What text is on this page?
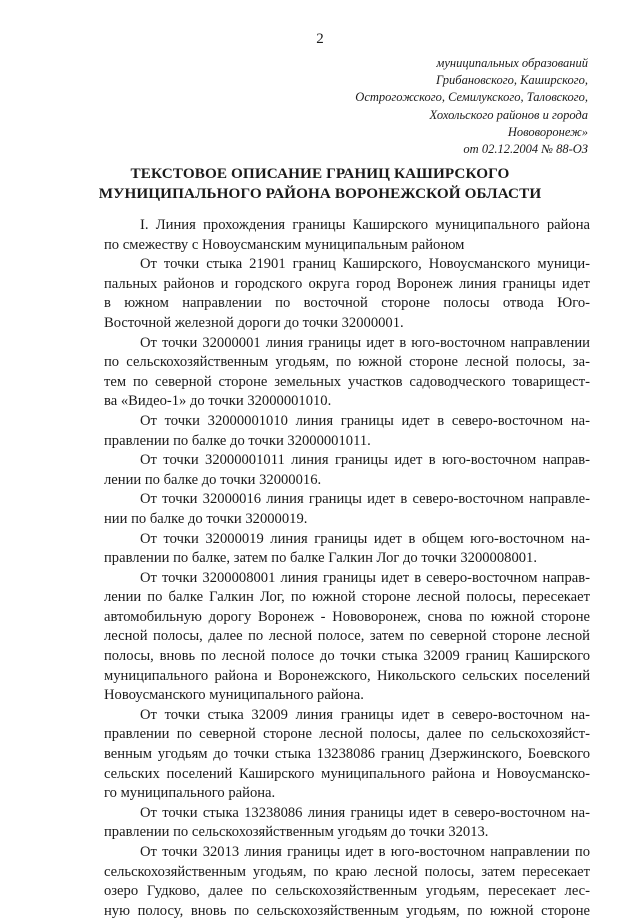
2
муниципальных образований
Грибановского, Каширского,
Острогожского, Семилукского, Таловского,
Хохольского районов и города
Нововоронеж»
от 02.12.2004 № 88-ОЗ
ТЕКСТОВОЕ ОПИСАНИЕ ГРАНИЦ КАШИРСКОГО
МУНИЦИПАЛЬНОГО РАЙОНА ВОРОНЕЖСКОЙ ОБЛАСТИ
I. Линия прохождения границы Каширского муниципального района
по смежеству с Новоусманским муниципальным районом
От точки стыка 21901 границ Каширского, Новоусманского муници-
пальных районов и городского округа город Воронеж линия границы идет
в южном направлении по восточной стороне полосы отвода Юго-
Восточной железной дороги до точки 32000001.
От точки 32000001 линия границы идет в юго-восточном направлении
по сельскохозяйственным угодьям, по южной стороне лесной полосы, за-
тем по северной стороне земельных участков садоводческого товарищест-
ва «Видео-1» до точки 32000001010.
От точки 32000001010 линия границы идет в северо-восточном на-
правлении по балке до точки 32000001011.
От точки 32000001011 линия границы идет в юго-восточном направ-
лении по балке до точки 32000016.
От точки 32000016 линия границы идет в северо-восточном направле-
нии по балке до точки 32000019.
От точки 32000019 линия границы идет в общем юго-восточном на-
правлении по балке, затем по балке Галкин Лог до точки 3200008001.
От точки 3200008001 линия границы идет в северо-восточном направ-
лении по балке Галкин Лог, по южной стороне лесной полосы, пересекает
автомобильную дорогу Воронеж - Нововоронеж, снова по южной стороне
лесной полосы, далее по лесной полосе, затем по северной стороне лесной
полосы, вновь по лесной полосе до точки стыка 32009 границ Каширского
муниципального района и Воронежского, Никольского сельских поселений
Новоусманского муниципального района.
От точки стыка 32009 линия границы идет в северо-восточном на-
правлении по северной стороне лесной полосы, далее по сельскохозяйст-
венным угодьям до точки стыка 13238086 границ Дзержинского, Боевского
сельских поселений Каширского муниципального района и Новоусманско-
го муниципального района.
От точки стыка 13238086 линия границы идет в северо-восточном на-
правлении по сельскохозяйственным угодьям до точки 32013.
От точки 32013 линия границы идет в юго-восточном направлении по
сельскохозяйственным угодьям, по краю лесной полосы, затем пересекает
озеро Гудково, далее по сельскохозяйственным угодьям, пересекает лес-
ную полосу, вновь по сельскохозяйственным угодьям, по южной стороне
